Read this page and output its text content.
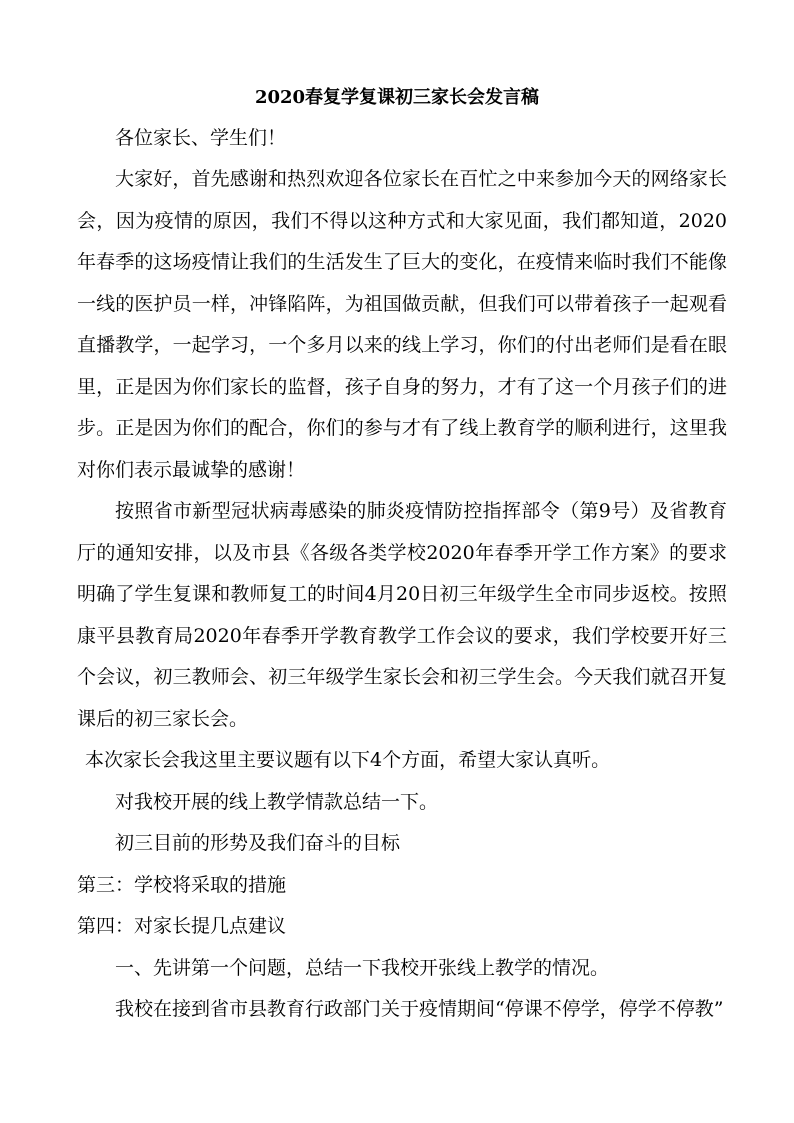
2020春复学复课初三家长会发言稿

各位家长、学生们！

大家好，首先感谢和热烈欢迎各位家长在百忙之中来参加今天的网络家长会，因为疫情的原因，我们不得以这种方式和大家见面，我们都知道，2020年春季的这场疫情让我们的生活发生了巨大的变化，在疫情来临时我们不能像一线的医护员一样，冲锋陷阵，为祖国做贡献，但我们可以带着孩子一起观看直播教学，一起学习，一个多月以来的线上学习，你们的付出老师们是看在眼里，正是因为你们家长的监督，孩子自身的努力，才有了这一个月孩子们的进步。正是因为你们的配合，你们的参与才有了线上教育学的顺利进行，这里我对你们表示最诚挚的感谢！

按照省市新型冠状病毒感染的肺炎疫情防控指挥部令（第9号）及省教育厅的通知安排，以及市县《各级各类学校2020年春季开学工作方案》的要求明确了学生复课和教师复工的时间4月20日初三年级学生全市同步返校。按照康平县教育局2020年春季开学教育教学工作会议的要求，我们学校要开好三个会议，初三教师会、初三年级学生家长会和初三学生会。今天我们就召开复课后的初三家长会。

本次家长会我这里主要议题有以下4个方面，希望大家认真听。

对我校开展的线上教学情款总结一下。

初三目前的形势及我们奋斗的目标

第三：学校将采取的措施

第四：对家长提几点建议

一、先讲第一个问题，总结一下我校开张线上教学的情况。

我校在接到省市县教育行政部门关于疫情期间“停课不停学，停学不停教”
